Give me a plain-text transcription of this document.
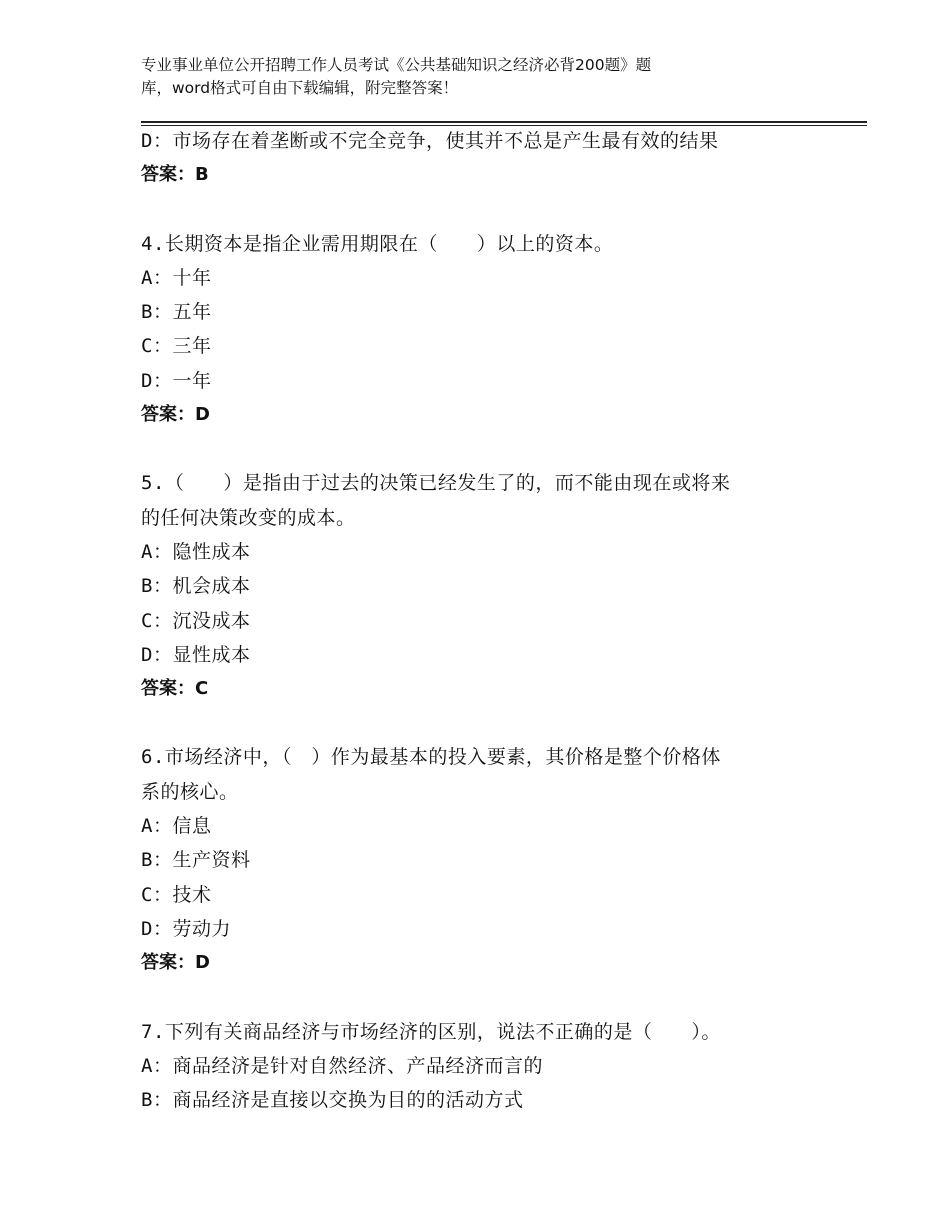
专业事业单位公开招聘工作人员考试《公共基础知识之经济必背200题》题
库，word格式可自由下载编辑，附完整答案！
D：市场存在着垄断或不完全竞争，使其并不总是产生最有效的结果
答案：B
4.长期资本是指企业需用期限在（　　）以上的资本。
A：十年
B：五年
C：三年
D：一年
答案：D
5.（　　）是指由于过去的决策已经发生了的，而不能由现在或将来
的任何决策改变的成本。
A：隐性成本
B：机会成本
C：沉没成本
D：显性成本
答案：C
6.市场经济中，（　）作为最基本的投入要素，其价格是整个价格体
系的核心。
A：信息
B：生产资料
C：技术
D：劳动力
答案：D
7.下列有关商品经济与市场经济的区别，说法不正确的是（　　）。
A：商品经济是针对自然经济、产品经济而言的
B：商品经济是直接以交换为目的的活动方式
